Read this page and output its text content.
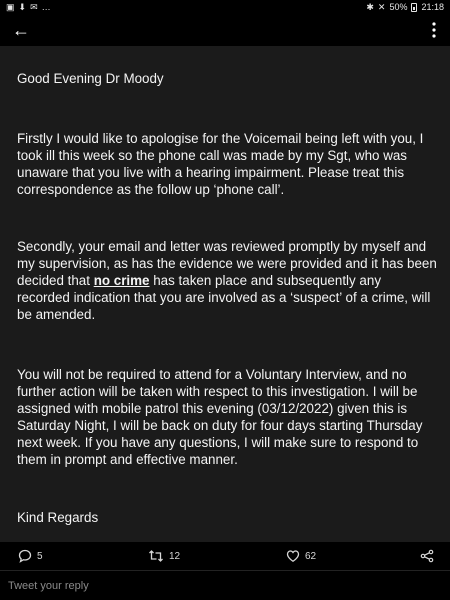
▣ ⬇ ✉ …	✱ ✕ 50% 21:18
←

Good Evening Dr Moody

Firstly I would like to apologise for the Voicemail being left with you, I took ill this week so the phone call was made by my Sgt, who was unaware that you live with a hearing impairment. Please treat this correspondence as the follow up ‘phone call’.

Secondly, your email and letter was reviewed promptly by myself and my supervision, as has the evidence we were provided and it has been decided that no crime has taken place and subsequently any recorded indication that you are involved as a ‘suspect’ of a crime, will be amended.

You will not be required to attend for a Voluntary Interview, and no further action will be taken with respect to this investigation. I will be assigned with mobile patrol this evening (03/12/2022) given this is Saturday Night, I will be back on duty for four days starting Thursday next week. If you have any questions, I will make sure to respond to them in prompt and effective manner.

Kind Regards

5	12	62
Tweet your reply
